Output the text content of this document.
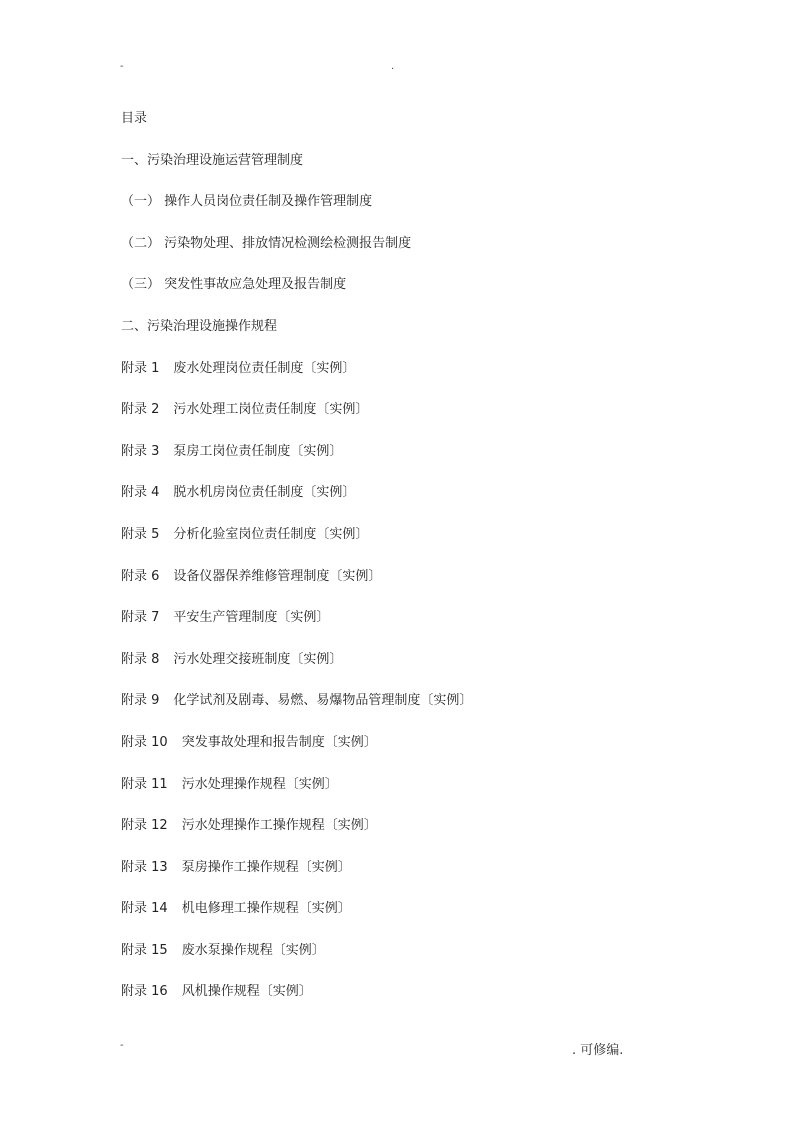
-	.
目录
一、污染治理设施运营管理制度
（一） 操作人员岗位责任制及操作管理制度
（二） 污染物处理、排放情况检测绘检测报告制度
（三） 突发性事故应急处理及报告制度
二、污染治理设施操作规程
附录 1 废水处理岗位责任制度〔实例〕
附录 2 污水处理工岗位责任制度〔实例〕
附录 3 泵房工岗位责任制度〔实例〕
附录 4 脱水机房岗位责任制度〔实例〕
附录 5 分析化验室岗位责任制度〔实例〕
附录 6 设备仪器保养维修管理制度〔实例〕
附录 7 平安生产管理制度〔实例〕
附录 8 污水处理交接班制度〔实例〕
附录 9 化学试剂及剧毒、易燃、易爆物品管理制度〔实例〕
附录 10 突发事故处理和报告制度〔实例〕
附录 11 污水处理操作规程〔实例〕
附录 12 污水处理操作工操作规程〔实例〕
附录 13 泵房操作工操作规程〔实例〕
附录 14 机电修理工操作规程〔实例〕
附录 15 废水泵操作规程〔实例〕
附录 16 风机操作规程〔实例〕
-	. 可修编.
